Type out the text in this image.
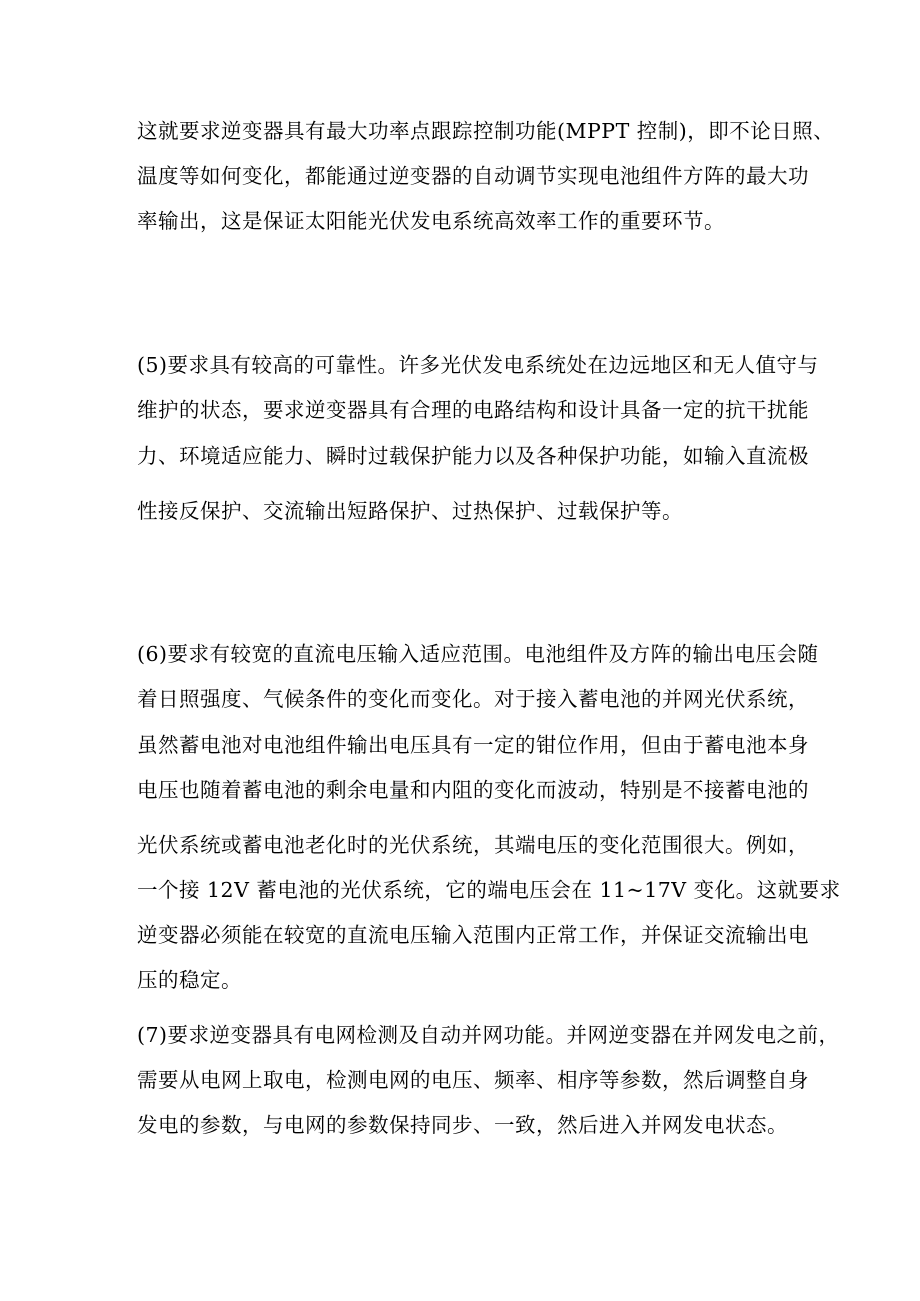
这就要求逆变器具有最大功率点跟踪控制功能(MPPT 控制)，即不论日照、
温度等如何变化，都能通过逆变器的自动调节实现电池组件方阵的最大功
率输出，这是保证太阳能光伏发电系统高效率工作的重要环节。
(5)要求具有较高的可靠性。许多光伏发电系统处在边远地区和无人值守与
维护的状态，要求逆变器具有合理的电路结构和设计具备一定的抗干扰能
力、环境适应能力、瞬时过载保护能力以及各种保护功能，如输入直流极
性接反保护、交流输出短路保护、过热保护、过载保护等。
(6)要求有较宽的直流电压输入适应范围。电池组件及方阵的输出电压会随
着日照强度、气候条件的变化而变化。对于接入蓄电池的并网光伏系统，
虽然蓄电池对电池组件输出电压具有一定的钳位作用，但由于蓄电池本身
电压也随着蓄电池的剩余电量和内阻的变化而波动，特别是不接蓄电池的
光伏系统或蓄电池老化时的光伏系统，其端电压的变化范围很大。例如，
一个接 12V 蓄电池的光伏系统，它的端电压会在 11~17V 变化。这就要求
逆变器必须能在较宽的直流电压输入范围内正常工作，并保证交流输出电
压的稳定。
(7)要求逆变器具有电网检测及自动并网功能。并网逆变器在并网发电之前，
需要从电网上取电，检测电网的电压、频率、相序等参数，然后调整自身
发电的参数，与电网的参数保持同步、一致，然后进入并网发电状态。
